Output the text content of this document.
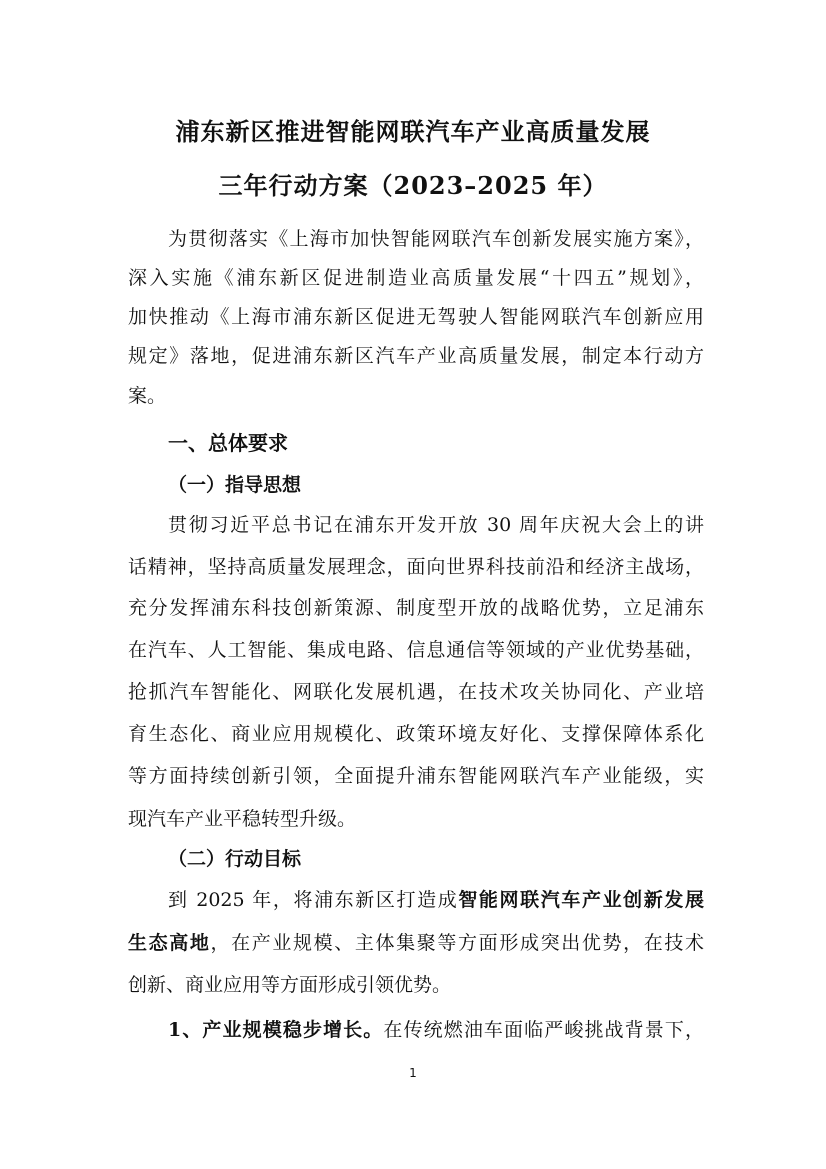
浦东新区推进智能网联汽车产业高质量发展
三年行动方案（2023–2025 年）
为贯彻落实《上海市加快智能网联汽车创新发展实施方案》，
深入实施《浦东新区促进制造业高质量发展“十四五”规划》，
加快推动《上海市浦东新区促进无驾驶人智能网联汽车创新应用
规定》落地，促进浦东新区汽车产业高质量发展，制定本行动方
案。
一、总体要求
（一）指导思想
贯彻习近平总书记在浦东开发开放 30 周年庆祝大会上的讲
话精神，坚持高质量发展理念，面向世界科技前沿和经济主战场，
充分发挥浦东科技创新策源、制度型开放的战略优势，立足浦东
在汽车、人工智能、集成电路、信息通信等领域的产业优势基础，
抢抓汽车智能化、网联化发展机遇，在技术攻关协同化、产业培
育生态化、商业应用规模化、政策环境友好化、支撑保障体系化
等方面持续创新引领，全面提升浦东智能网联汽车产业能级，实
现汽车产业平稳转型升级。
（二）行动目标
到 2025 年，将浦东新区打造成智能网联汽车产业创新发展
生态高地，在产业规模、主体集聚等方面形成突出优势，在技术
创新、商业应用等方面形成引领优势。
1、产业规模稳步增长。在传统燃油车面临严峻挑战背景下，
1
